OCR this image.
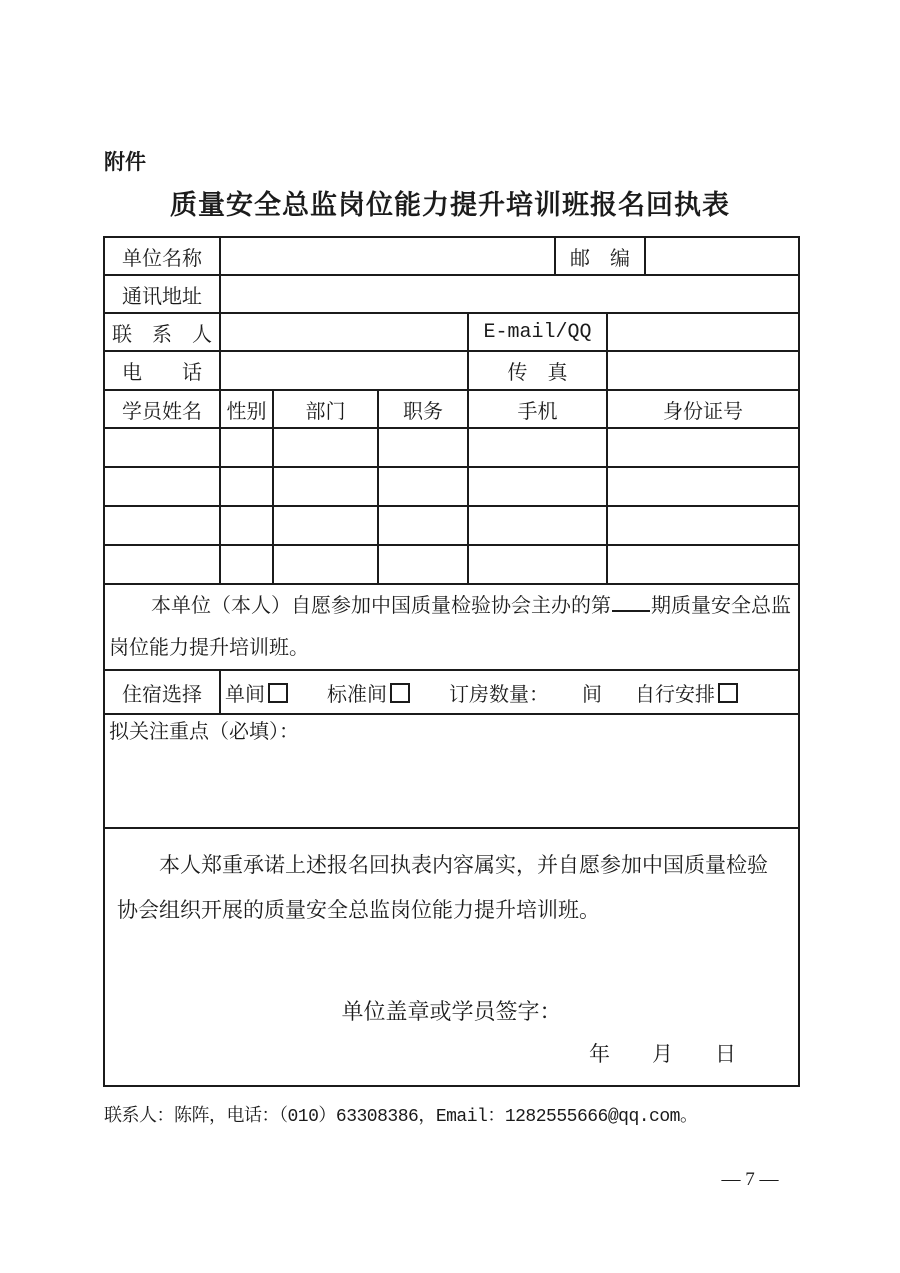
附件
质量安全总监岗位能力提升培训班报名回执表
单位名称					邮　编		
通讯地址							
联　系　人				E-mail/QQ			
电　　话				传　真			
学员姓名	性别	部门	职务	手机		身份证号	

本单位（本人）自愿参加中国质量检验协会主办的第 期质量安全总监岗位能力提升培训班。							

住宿选择	单间 标准间 订房数量： 间 自行安排						
拟关注重点（必填）：							

本人郑重承诺上述报名回执表内容属实，并自愿参加中国质量检验协会组织开展的质量安全总监岗位能力提升培训班。
单位盖章或学员签字：
年　　月　　日							
联系人：陈阵，电话：（010）63308386，Email：1282555666@qq.com。
— 7 —
